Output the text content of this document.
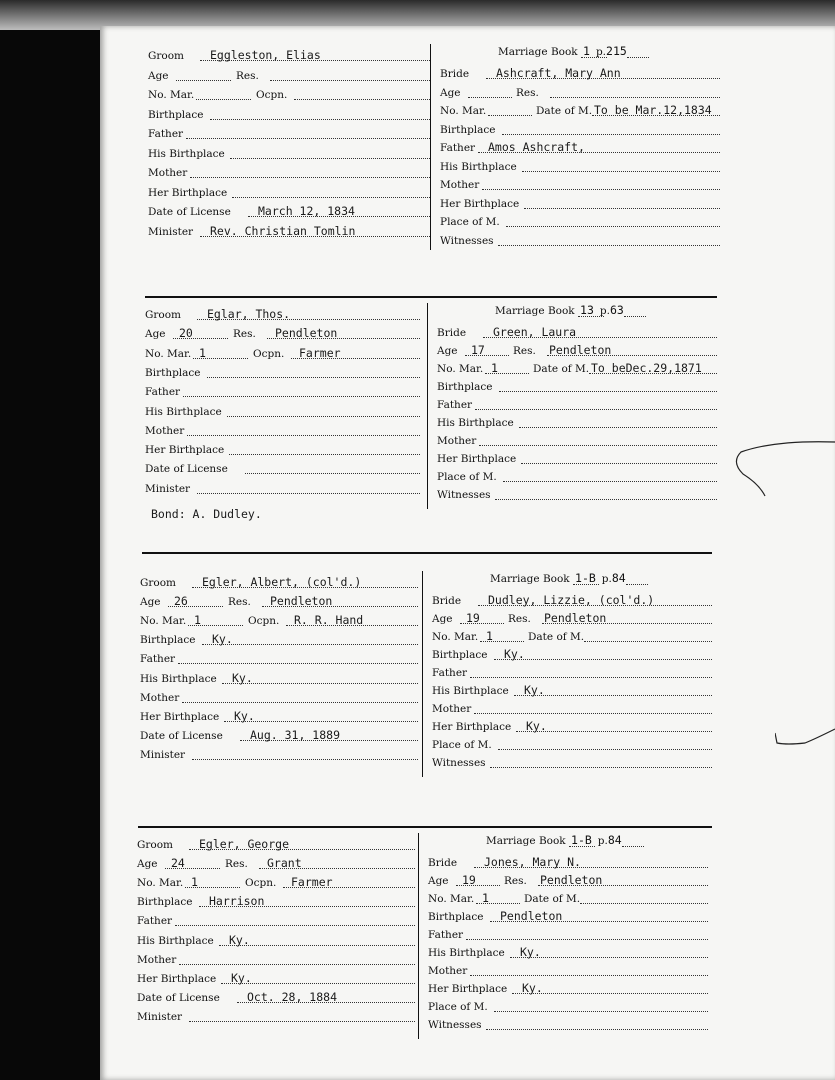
Groom Eggleston, Elias
Age	Res.
No. Mar.	Ocpn.
Birthplace
Father
His Birthplace
Mother
Her Birthplace
Date of License March 12, 1834
Minister Rev. Christian Tomlin
Marriage Book 1 p.215
Bride Ashcraft, Mary Ann
Age	Res.
No. Mar.	Date of M. To be Mar.12,1834
Birthplace
Father Amos Ashcraft,
His Birthplace
Mother
Her Birthplace
Place of M.
Witnesses
Groom Eglar, Thos.
Age 20	Res. Pendleton
No. Mar. 1	Ocpn. Farmer
Birthplace
Father
His Birthplace
Mother
Her Birthplace
Date of License
Minister
Marriage Book 13 p.63
Bride Green, Laura
Age 17	Res. Pendleton
No. Mar. 1	Date of M. To beDec.29,1871
Birthplace
Father
His Birthplace
Mother
Her Birthplace
Place of M.
Witnesses
Bond: A. Dudley.
Groom Egler, Albert, (col'd.)
Age 26	Res. Pendleton
No. Mar. 1	Ocpn. R. R. Hand
Birthplace Ky.
Father
His Birthplace Ky.
Mother
Her Birthplace Ky.
Date of License Aug. 31, 1889
Minister
Marriage Book 1-B p.84
Bride Dudley, Lizzie, (col'd.)
Age 19	Res. Pendleton
No. Mar. 1	Date of M.
Birthplace Ky.
Father
His Birthplace Ky.
Mother
Her Birthplace Ky.
Place of M.
Witnesses
Groom Egler, George
Age 24	Res. Grant
No. Mar. 1	Ocpn. Farmer
Birthplace Harrison
Father
His Birthplace Ky.
Mother
Her Birthplace Ky.
Date of License Oct. 28, 1884
Minister
Marriage Book 1-B p.84
Bride Jones, Mary N.
Age 19	Res. Pendleton
No. Mar. 1	Date of M.
Birthplace Pendleton
Father
His Birthplace Ky.
Mother
Her Birthplace Ky.
Place of M.
Witnesses
